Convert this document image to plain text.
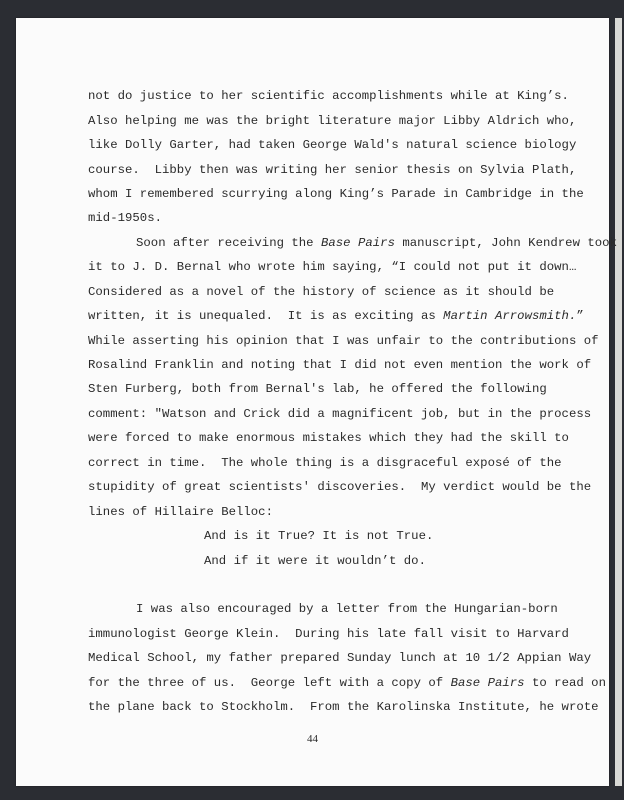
not do justice to her scientific accomplishments while at King’s.
Also helping me was the bright literature major Libby Aldrich who,
like Dolly Garter, had taken George Wald's natural science biology
course.  Libby then was writing her senior thesis on Sylvia Plath,
whom I remembered scurrying along King’s Parade in Cambridge in the
mid-1950s.
Soon after receiving the Base Pairs manuscript, John Kendrew took
it to J. D. Bernal who wrote him saying, “I could not put it down…
Considered as a novel of the history of science as it should be
written, it is unequaled.  It is as exciting as Martin Arrowsmith.”
While asserting his opinion that I was unfair to the contributions of
Rosalind Franklin and noting that I did not even mention the work of
Sten Furberg, both from Bernal's lab, he offered the following
comment: "Watson and Crick did a magnificent job, but in the process
were forced to make enormous mistakes which they had the skill to
correct in time.  The whole thing is a disgraceful exposé of the
stupidity of great scientists' discoveries.  My verdict would be the
lines of Hillaire Belloc:
And is it True? It is not True.
And if it were it wouldn’t do.
I was also encouraged by a letter from the Hungarian-born
immunologist George Klein.  During his late fall visit to Harvard
Medical School, my father prepared Sunday lunch at 10 1/2 Appian Way
for the three of us.  George left with a copy of Base Pairs to read on
the plane back to Stockholm.  From the Karolinska Institute, he wrote
44
